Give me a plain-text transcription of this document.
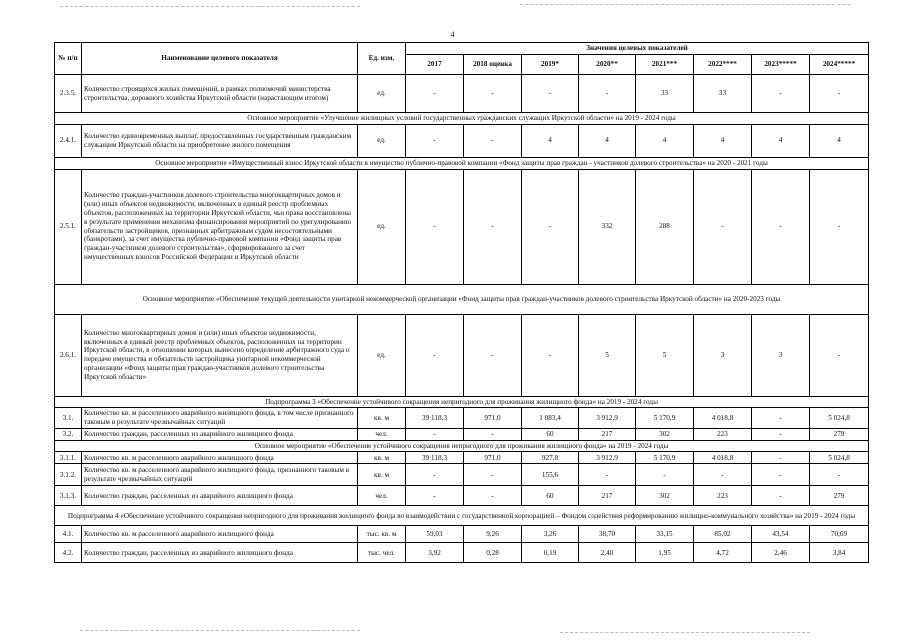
4
№ п/п	Наименование целевого показателя	Ед. изм.	Значения целевых показателей							
			2017	2018 оценка	2019*	2020**	2021***	2022****	2023*****	2024*****
2.3.5.	Количество строящихся жилых помещений, в рамках полномочий министерства строительства, дорожного хозяйства Иркутской области (нарастающим итогом)	ед.	-	-	-	-	33	33	-	-
Основное мероприятие «Улучшение жилищных условий государственных гражданских служащих Иркутской области» на 2019 - 2024 годы										
2.4.1.	Количество единовременных выплат, предоставленных государственным гражданским служащим Иркутской области на приобретение жилого помещения	ед.	-	-	4	4	4	4	4	4
Основное мероприятие «Имущественный взнос Иркутской области в имущество публично-правовой компании «Фонд защиты прав граждан - участников долевого строительства» на 2020 - 2021 годы										
2.5.1.	Количество граждан-участников долевого строительства многоквартирных домов и (или) иных объектов недвижимости, включенных в единый реестр проблемных объектов, расположенных на территории Иркутской области, чьи права восстановлены в результате применения механизма финансирования мероприятий по урегулированию обязательств застройщиков, признанных арбитражным судом несостоятельными (банкротами), за счет имущества публично-правовой компании «Фонд защиты прав граждан-участников долевого строительства», сформированного за счет имущественных взносов Российской Федерации и Иркутской области	ед.	-	-	-	332	288	-	-	-
Основное мероприятие «Обеспечение текущей деятельности унитарной некоммерческой организации «Фонд защиты прав граждан-участников долевого строительства Иркутской области» на 2020-2023 годы										
2.6.1.	Количество многоквартирных домов и (или) иных объектов недвижимости, включенных в единый реестр проблемных объектов, расположенных на территории Иркутской области, в отношении которых вынесено определение арбитражного суда о передаче имущества и обязательств застройщика унитарной некоммерческой организации «Фонд защиты прав граждан-участников долевого строительства Иркутской области»	ед.	-	-	-	5	5	3	3	-
Подпрограмма 3 «Обеспечение устойчивого сокращения непригодного для проживания жилищного фонда» на 2019 - 2024 годы										
3.1.	Количество кв. м расселенного аварийного жилищного фонда, в том числе признанного таковым в результате чрезвычайных ситуаций	кв. м	39 118,3	971,0	1 083,4	3 912,9	5 170,9	4 018,8	-	5 024,8
3.2.	Количество граждан, расселенных из аварийного жилищного фонда	чел.	-	-	60	217	302	223	-	279
Основное мероприятие «Обеспечение устойчивого сокращения непригодного для проживания жилищного фонда» на 2019 - 2024 годы										
3.1.1.	Количество кв. м расселенного аварийного жилищного фонда	кв. м	39 118,3	971,0	927,8	3 912,9	5 170,9	4 018,8	-	5 024,8
3.1.2.	Количество кв. м расселенного аварийного жилищного фонда, признанного таковым в результате чрезвычайных ситуаций	кв. м	-	-	155,6	-	-	-	-	-
3.1.3.	Количество граждан, расселенных из аварийного жилищного фонда	чел.	-	-	60	217	302	223	-	279
Подпрограмма 4 «Обеспечение устойчивого сокращения непригодного для проживания жилищного фонда во взаимодействии с государственной корпорацией – Фондом содействия реформированию жилищно-коммунального хозяйства» на 2019 - 2024 годы										
4.1.	Количество кв. м расселенного аварийного жилищного фонда	тыс. кв. м	59,03	9,26	3,26	38,70	33,15	85,02	43,54	70,69
4.2.	Количество граждан, расселенных из аварийного жилищного фонда	тыс. чел.	3,92	0,28	0,19	2,40	1,95	4,72	2,46	3,84
